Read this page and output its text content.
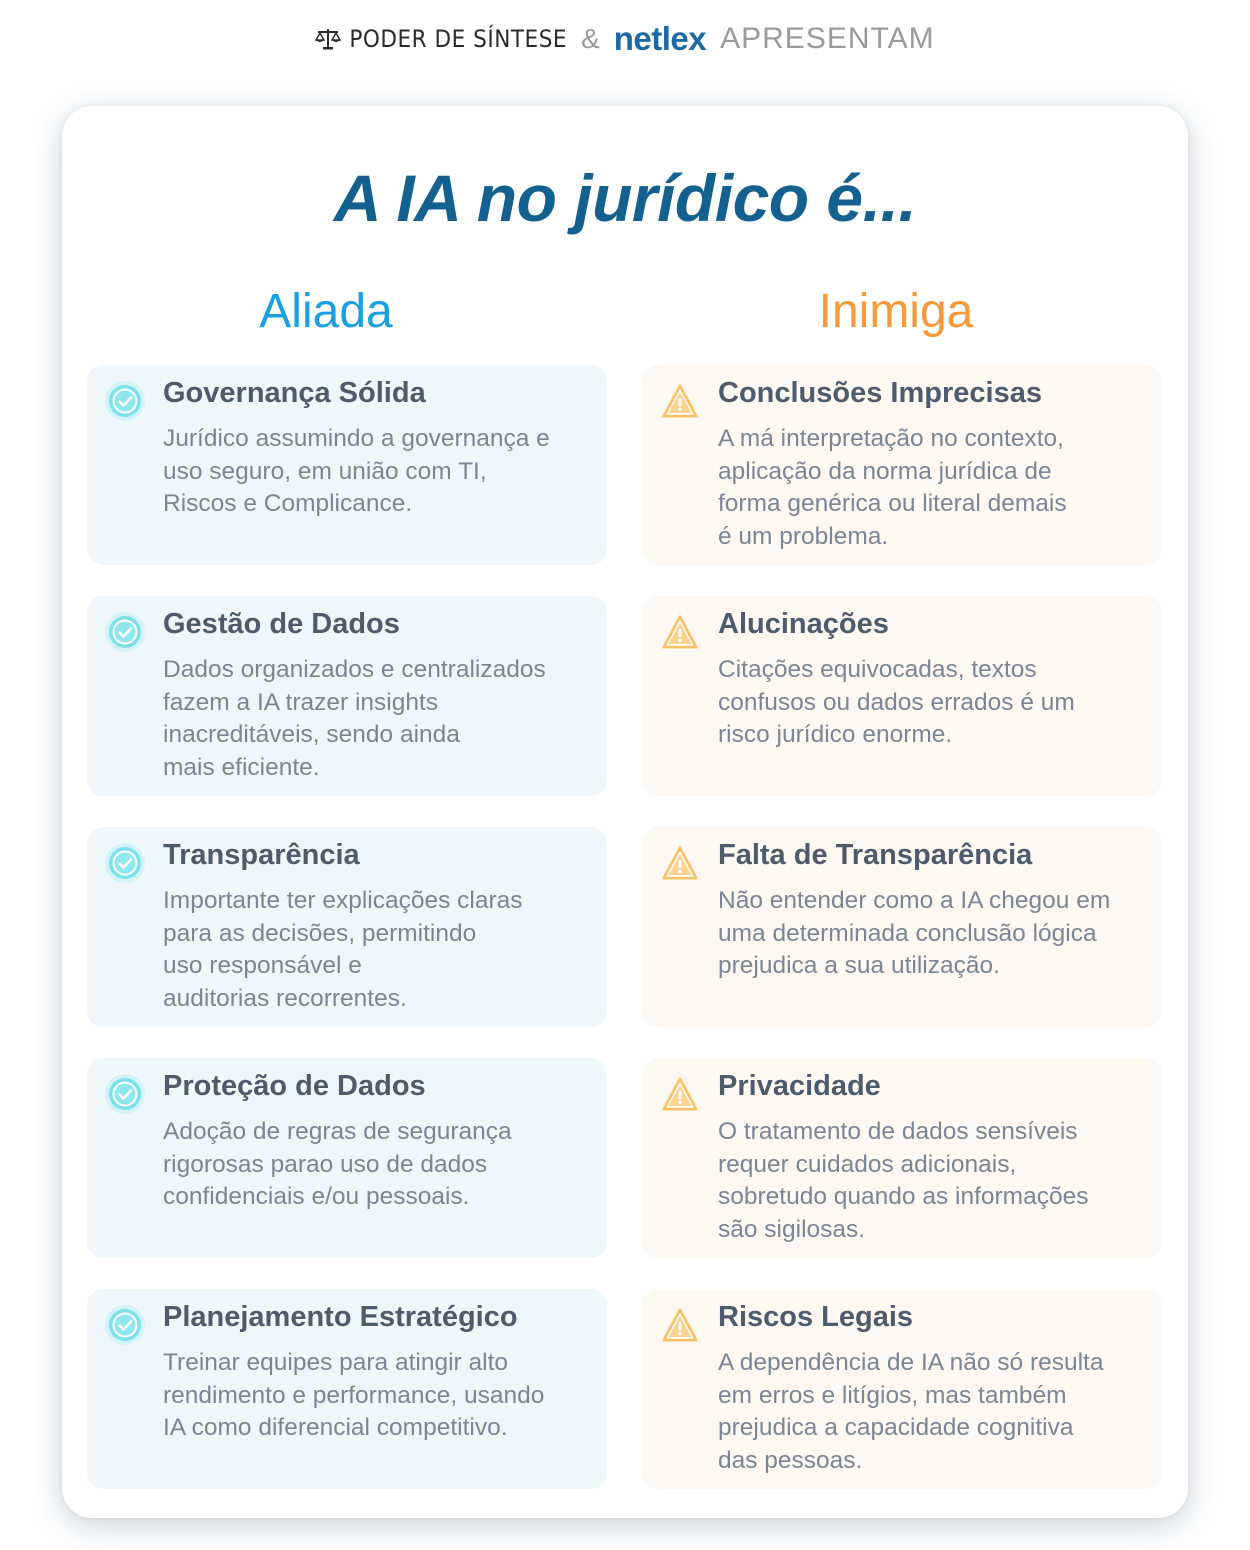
PODER DE SÍNTESE & netlex APRESENTAM
A IA no jurídico é...
Aliada	Inimiga
Governança Sólida
Jurídico assumindo a governança e
uso seguro, em união com TI,
Riscos e Complicance.
Gestão de Dados
Dados organizados e centralizados
fazem a IA trazer insights
inacreditáveis, sendo ainda
mais eficiente.
Transparência
Importante ter explicações claras
para as decisões, permitindo
uso responsável e
auditorias recorrentes.
Proteção de Dados
Adoção de regras de segurança
rigorosas parao uso de dados
confidenciais e/ou pessoais.
Planejamento Estratégico
Treinar equipes para atingir alto
rendimento e performance, usando
IA como diferencial competitivo.
Conclusões Imprecisas
A má interpretação no contexto,
aplicação da norma jurídica de
forma genérica ou literal demais
é um problema.
Alucinações
Citações equivocadas, textos
confusos ou dados errados é um
risco jurídico enorme.
Falta de Transparência
Não entender como a IA chegou em
uma determinada conclusão lógica
prejudica a sua utilização.
Privacidade
O tratamento de dados sensíveis
requer cuidados adicionais,
sobretudo quando as informações
são sigilosas.
Riscos Legais
A dependência de IA não só resulta
em erros e litígios, mas também
prejudica a capacidade cognitiva
das pessoas.
